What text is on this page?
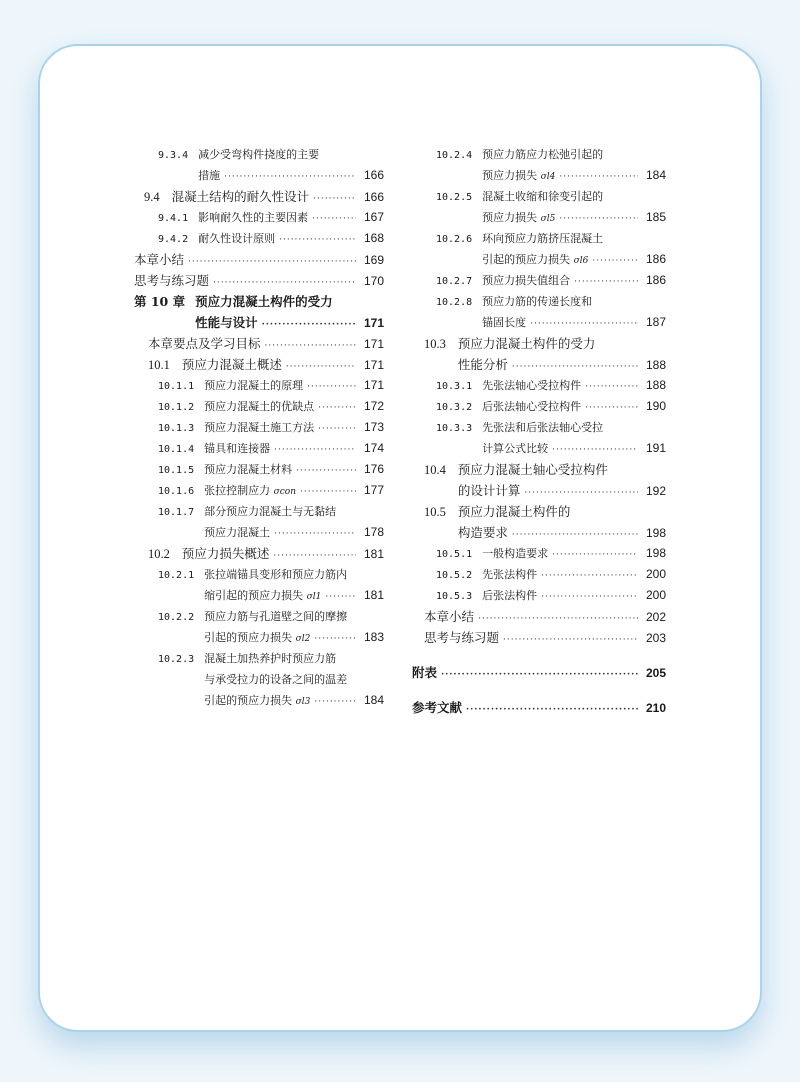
9.3.4 减少受弯构件挠度的主要
措施 ·····	166
9.4 混凝土结构的耐久性设计 ·····	166
9.4.1 影响耐久性的主要因素 ·····	167
9.4.2 耐久性设计原则 ·····	168
本章小结 ·····	169
思考与练习题 ·····	170
第 10 章 预应力混凝土构件的受力
性能与设计 ·····	171
本章要点及学习目标 ·····	171
10.1 预应力混凝土概述 ·····	171
10.1.1 预应力混凝土的原理 ·····	171
10.1.2 预应力混凝土的优缺点 ·····	172
10.1.3 预应力混凝土施工方法 ·····	173
10.1.4 锚具和连接器 ·····	174
10.1.5 预应力混凝土材料 ·····	176
10.1.6 张拉控制应力 σcon ·····	177
10.1.7 部分预应力混凝土与无黏结
预应力混凝土 ·····	178
10.2 预应力损失概述 ·····	181
10.2.1 张拉端锚具变形和预应力筋内
缩引起的预应力损失 σl1 ·····	181
10.2.2 预应力筋与孔道壁之间的摩擦
引起的预应力损失 σl2 ·····	183
10.2.3 混凝土加热养护时预应力筋
与承受拉力的设备之间的温差
引起的预应力损失 σl3 ·····	184
10.2.4 预应力筋应力松弛引起的
预应力损失 σl4 ·····	184
10.2.5 混凝土收缩和徐变引起的
预应力损失 σl5 ·····	185
10.2.6 环向预应力筋挤压混凝土
引起的预应力损失 σl6 ·····	186
10.2.7 预应力损失值组合 ·····	186
10.2.8 预应力筋的传递长度和
锚固长度 ·····	187
10.3 预应力混凝土构件的受力
性能分析 ·····	188
10.3.1 先张法轴心受拉构件 ·····	188
10.3.2 后张法轴心受拉构件 ·····	190
10.3.3 先张法和后张法轴心受拉
计算公式比较 ·····	191
10.4 预应力混凝土轴心受拉构件
的设计计算 ·····	192
10.5 预应力混凝土构件的
构造要求 ·····	198
10.5.1 一般构造要求 ·····	198
10.5.2 先张法构件 ·····	200
10.5.3 后张法构件 ·····	200
本章小结 ·····	202
思考与练习题 ·····	203
附表 ·····	205
参考文献 ·····	210
